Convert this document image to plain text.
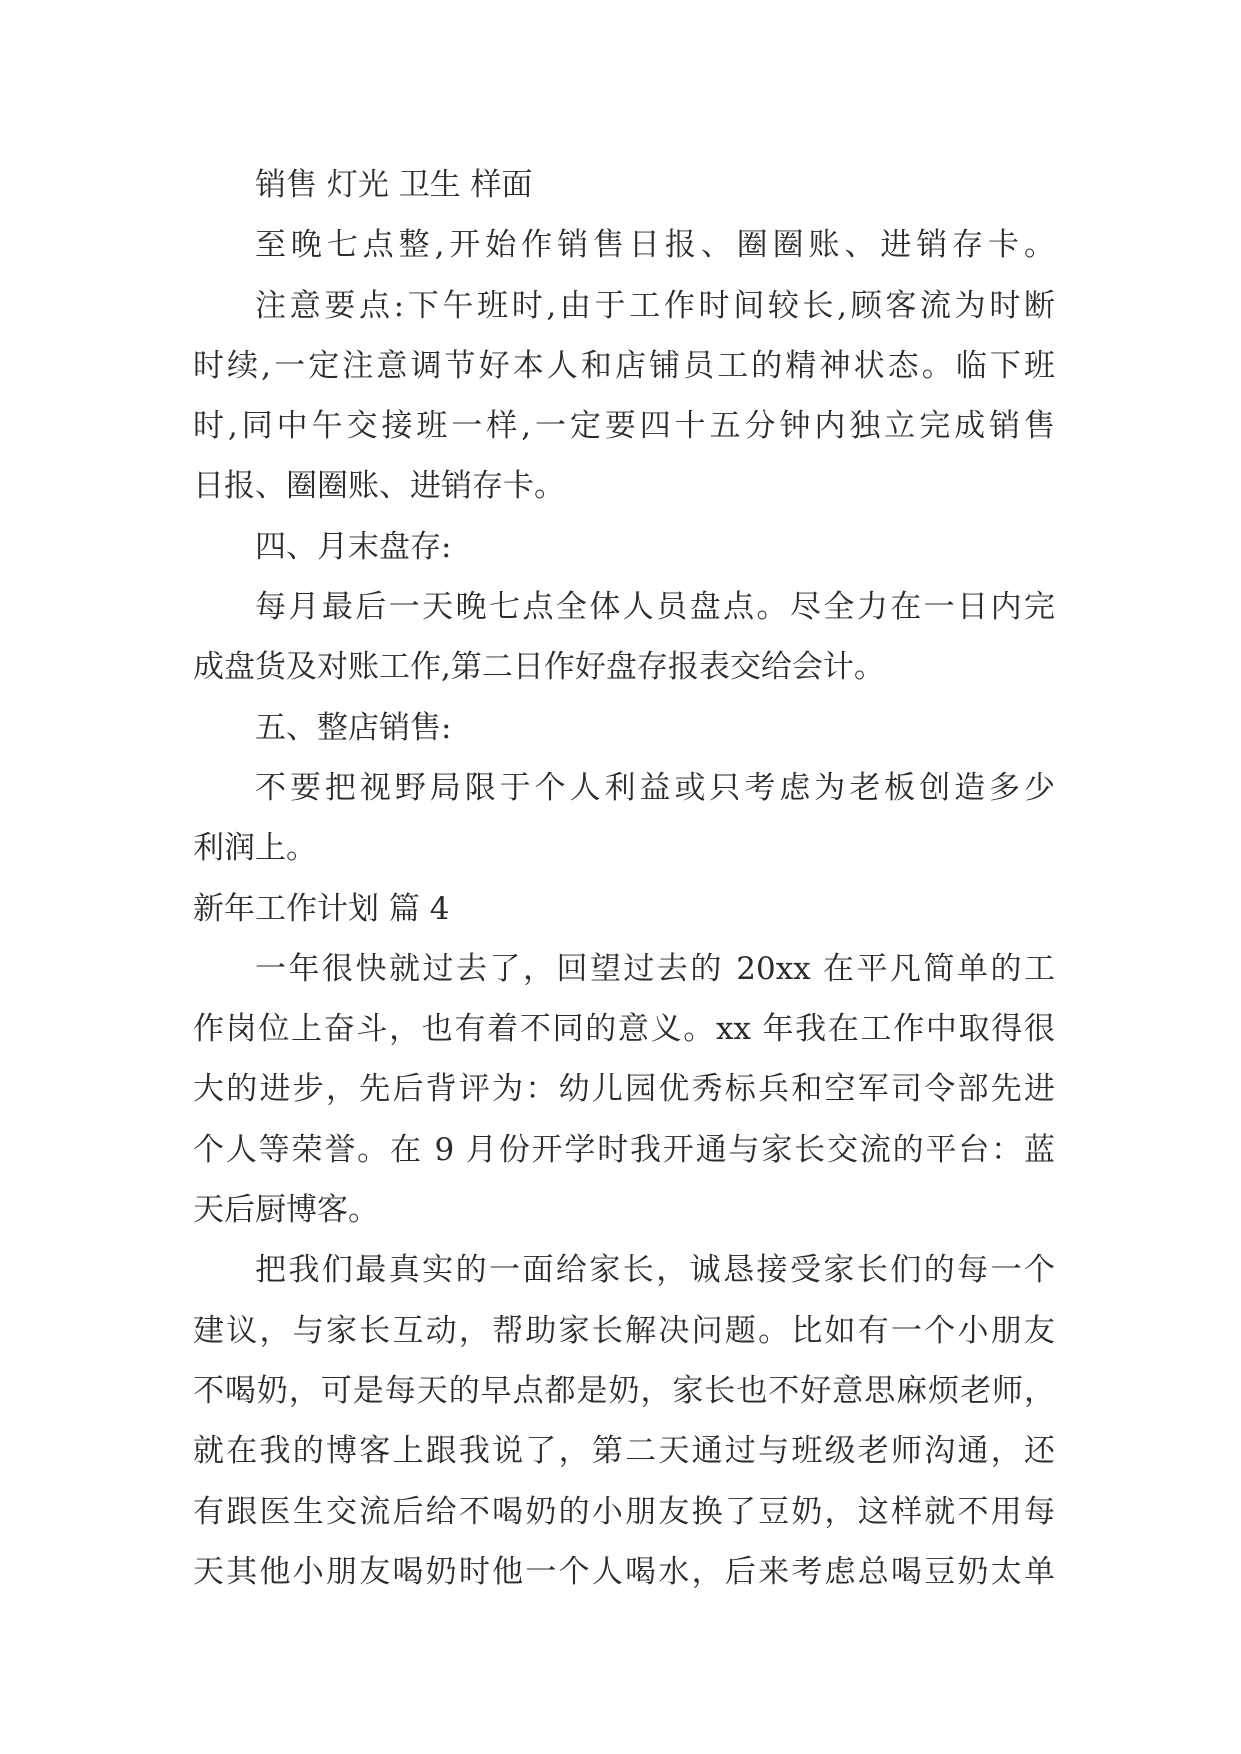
销售 灯光 卫生 样面
至晚七点整,开始作销售日报、圈圈账、进销存卡。
注意要点:下午班时,由于工作时间较长,顾客流为时断
时续,一定注意调节好本人和店铺员工的精神状态。临下班
时,同中午交接班一样,一定要四十五分钟内独立完成销售
日报、圈圈账、进销存卡。
四、月末盘存:
每月最后一天晚七点全体人员盘点。尽全力在一日内完
成盘货及对账工作,第二日作好盘存报表交给会计。
五、整店销售:
不要把视野局限于个人利益或只考虑为老板创造多少
利润上。
新年工作计划 篇 4
一年很快就过去了，回望过去的 20xx 在平凡简单的工
作岗位上奋斗，也有着不同的意义。xx 年我在工作中取得很
大的进步，先后背评为：幼儿园优秀标兵和空军司令部先进
个人等荣誉。在 9 月份开学时我开通与家长交流的平台：蓝
天后厨博客。
把我们最真实的一面给家长，诚恳接受家长们的每一个
建议，与家长互动，帮助家长解决问题。比如有一个小朋友
不喝奶，可是每天的早点都是奶，家长也不好意思麻烦老师，
就在我的博客上跟我说了，第二天通过与班级老师沟通，还
有跟医生交流后给不喝奶的小朋友换了豆奶，这样就不用每
天其他小朋友喝奶时他一个人喝水，后来考虑总喝豆奶太单
